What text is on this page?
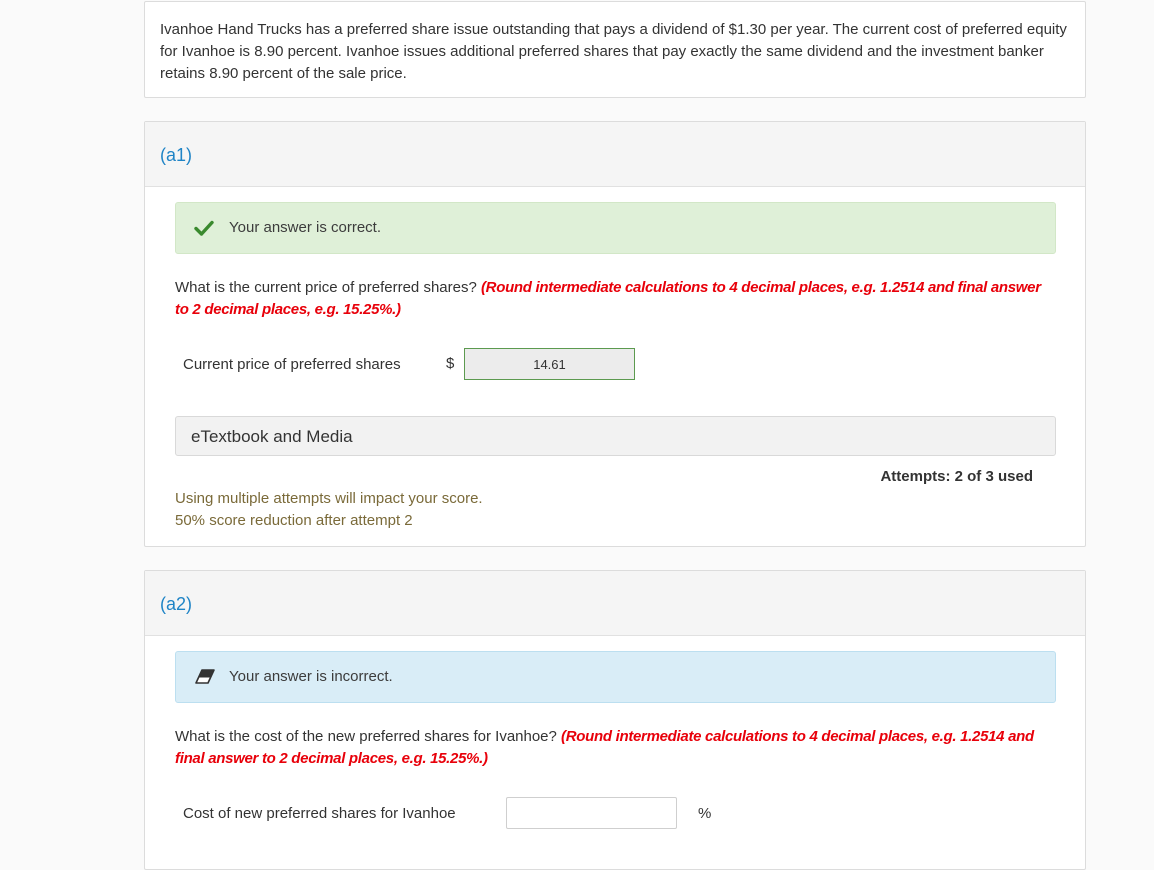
Ivanhoe Hand Trucks has a preferred share issue outstanding that pays a dividend of $1.30 per year. The current cost of preferred equity for Ivanhoe is 8.90 percent. Ivanhoe issues additional preferred shares that pay exactly the same dividend and the investment banker retains 8.90 percent of the sale price.
(a1)
Your answer is correct.
What is the current price of preferred shares? (Round intermediate calculations to 4 decimal places, e.g. 1.2514 and final answer to 2 decimal places, e.g. 15.25%.)
Current price of preferred shares	$
14.61
eTextbook and Media
Attempts: 2 of 3 used
Using multiple attempts will impact your score.
50% score reduction after attempt 2
(a2)
Your answer is incorrect.
What is the cost of the new preferred shares for Ivanhoe? (Round intermediate calculations to 4 decimal places, e.g. 1.2514 and final answer to 2 decimal places, e.g. 15.25%.)
Cost of new preferred shares for Ivanhoe	%
